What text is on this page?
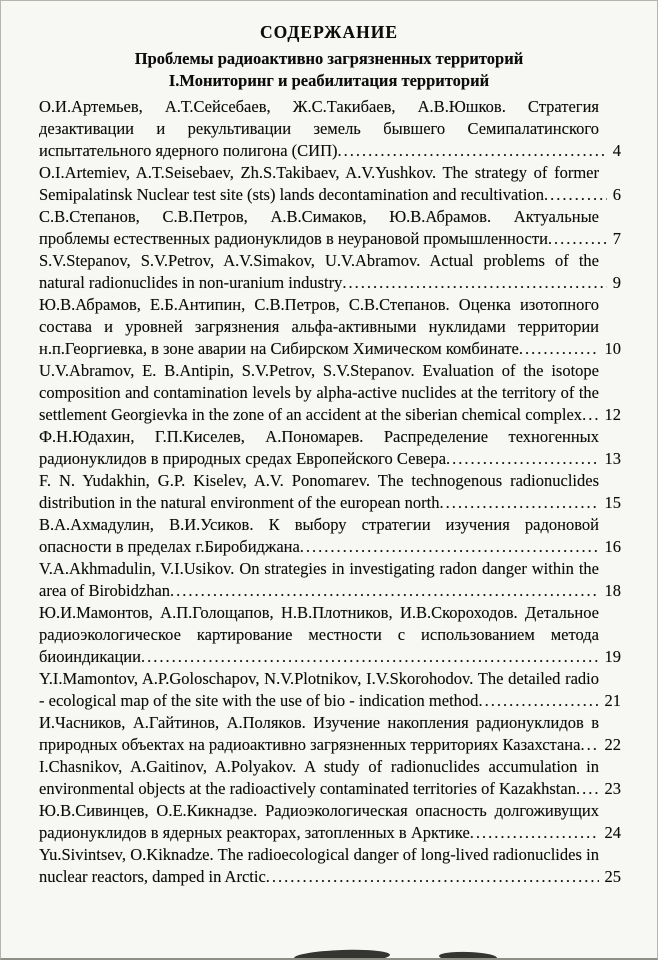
СОДЕРЖАНИЕ
Проблемы радиоактивно загрязненных территорий
I.Мониторинг и реабилитация территорий

О.И.Артемьев, А.Т.Сейсебаев, Ж.С.Такибаев, А.В.Юшков. Стратегия дезактивации и рекультивации земель бывшего Семипалатинского испытательного ядерного полигона (СИП)	4

O.I.Artemiev, A.T.Seisebaev, Zh.S.Takibaev, A.V.Yushkov. The strategy of former Semipalatinsk Nuclear test site (sts) lands decontamination and recultivation	6

С.В.Степанов, С.В.Петров, А.В.Симаков, Ю.В.Абрамов. Актуальные проблемы естественных радионуклидов в неурановой промышленности	7

S.V.Stepanov, S.V.Petrov, A.V.Simakov, U.V.Abramov. Actual problems of the natural radionuclides in non-uranium industry	9

Ю.В.Абрамов, Е.Б.Антипин, С.В.Петров, С.В.Степанов. Оценка изотопного состава и уровней загрязнения альфа-активными нуклидами территории н.п.Георгиевка, в зоне аварии на Сибирском Химическом комбинате	10

U.V.Abramov, E. B.Antipin, S.V.Petrov, S.V.Stepanov. Evaluation of the isotope composition and contamination levels by alpha-active nuclides at the territory of the settlement Georgievka in the zone of an accident at the siberian chemical complex	12

Ф.Н.Юдахин, Г.П.Киселев, А.Пономарев. Распределение техногенных радионуклидов в природных средах Европейского Севера	13

F. N. Yudakhin, G.P. Kiselev, A.V. Ponomarev. The technogenous radionuclides distribution in the natural environment of the european north	15

В.А.Ахмадулин, В.И.Усиков. К выбору стратегии изучения радоновой опасности в пределах г.Биробиджана	16

V.A.Akhmadulin, V.I.Usikov. On strategies in investigating radon danger within the area of Birobidzhan	18

Ю.И.Мамонтов, А.П.Голощапов, Н.В.Плотников, И.В.Скороходов. Детальное радиоэкологическое картирование местности с использованием метода биоиндикации	19

Y.I.Mamontov, A.P.Goloschapov, N.V.Plotnikov, I.V.Skorohodov. The detailed radio - ecological map of the site with the use of bio - indication method	21

И.Часников, А.Гайтинов, А.Поляков. Изучение накопления радионуклидов в природных объектах на радиоактивно загрязненных территориях Казахстана	22

I.Chasnikov, A.Gaitinov, A.Polyakov. A study of radionuclides accumulation in environmental objects at the radioactively contaminated territories of Kazakhstan	23

Ю.В.Сивинцев, О.Е.Кикнадзе. Радиоэкологическая опасность долгоживущих радионуклидов в ядерных реакторах, затопленных в Арктике	24

Yu.Sivintsev, O.Kiknadze. The radioecological danger of long-lived radionuclides in nuclear reactors, damped in Arctic	25
